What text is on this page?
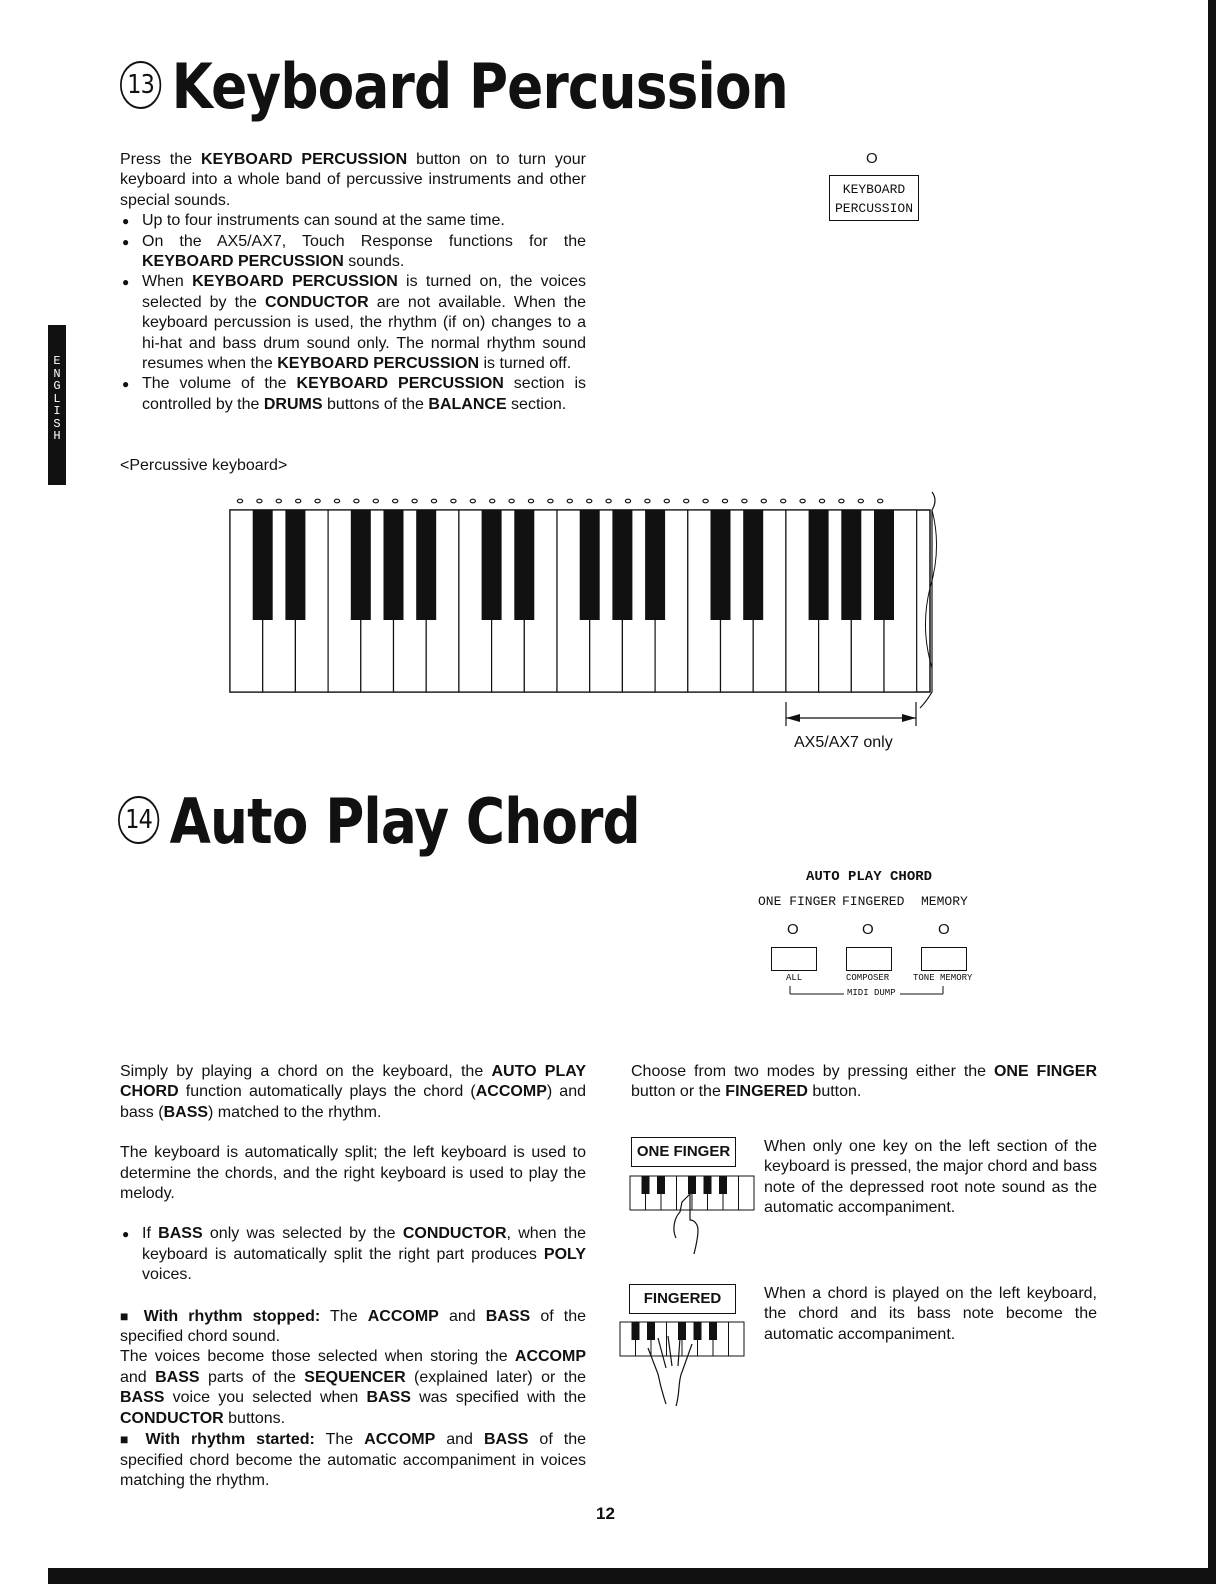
E
N
G
L
I
S
H
13 Keyboard Percussion
Press the KEYBOARD PERCUSSION button on to turn your keyboard into a whole band of percussive instruments and other special sounds.
● Up to four instruments can sound at the same time.
● On the AX5/AX7, Touch Response functions for the KEYBOARD PERCUSSION sounds.
● When KEYBOARD PERCUSSION is turned on, the voices selected by the CONDUCTOR are not available. When the keyboard percussion is used, the rhythm (if on) changes to a hi-hat and bass drum sound only. The normal rhythm sound resumes when the KEYBOARD PERCUSSION is turned off.
● The volume of the KEYBOARD PERCUSSION section is controlled by the DRUMS buttons of the BALANCE section.
O
KEYBOARD
PERCUSSION
<Percussive keyboard>
AX5/AX7 only
14 Auto Play Chord
AUTO PLAY CHORD
ONE FINGER FINGERED MEMORY
O	O	O
ALL	COMPOSER	TONE MEMORY
MIDI DUMP
Simply by playing a chord on the keyboard, the AUTO PLAY CHORD function automatically plays the chord (ACCOMP) and bass (BASS) matched to the rhythm.
The keyboard is automatically split; the left keyboard is used to determine the chords, and the right keyboard is used to play the melody.
● If BASS only was selected by the CONDUCTOR, when the keyboard is automatically split the right part produces POLY voices.
■ With rhythm stopped: The ACCOMP and BASS of the specified chord sound.
The voices become those selected when storing the ACCOMP and BASS parts of the SEQUENCER (explained later) or the BASS voice you selected when BASS was specified with the CONDUCTOR buttons.
■ With rhythm started: The ACCOMP and BASS of the specified chord become the automatic accompaniment in voices matching the rhythm.
Choose from two modes by pressing either the ONE FINGER button or the FINGERED button.
ONE FINGER	When only one key on the left section of the keyboard is pressed, the major chord and bass note of the depressed root note sound as the automatic accompaniment.
FINGERED	When a chord is played on the left keyboard, the chord and its bass note become the automatic accompaniment.
12
